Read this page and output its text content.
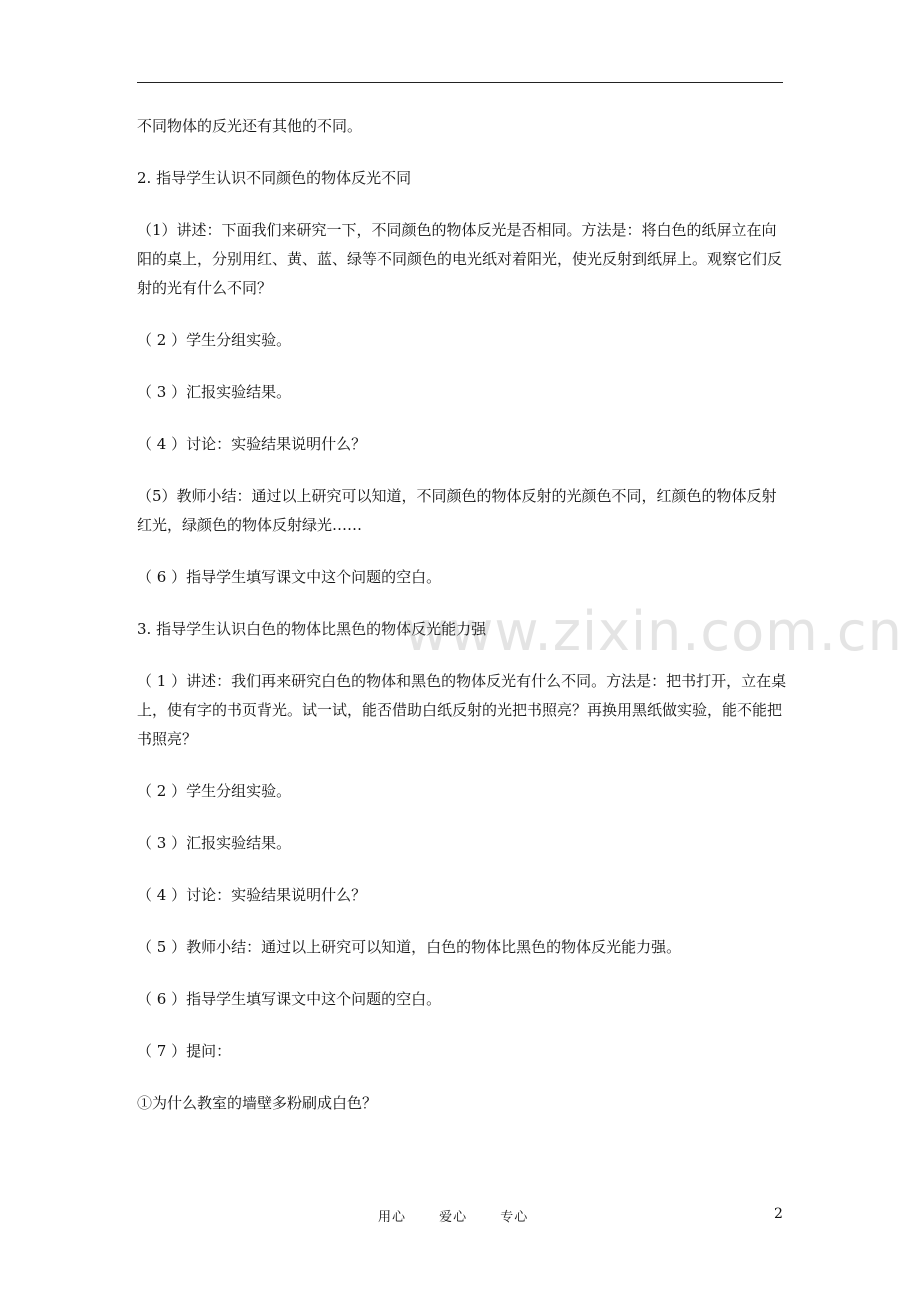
www.zixin.com.cn

不同物体的反光还有其他的不同。

2. 指导学生认识不同颜色的物体反光不同

（1）讲述：下面我们来研究一下，不同颜色的物体反光是否相同。方法是：将白色的纸屏立在向阳的桌上，分别用红、黄、蓝、绿等不同颜色的电光纸对着阳光，使光反射到纸屏上。观察它们反射的光有什么不同？

（ 2 ）学生分组实验。

（ 3 ）汇报实验结果。

（ 4 ）讨论：实验结果说明什么？

（5）教师小结：通过以上研究可以知道，不同颜色的物体反射的光颜色不同，红颜色的物体反射红光，绿颜色的物体反射绿光……

（ 6 ）指导学生填写课文中这个问题的空白。

3. 指导学生认识白色的物体比黑色的物体反光能力强

（ 1 ）讲述：我们再来研究白色的物体和黑色的物体反光有什么不同。方法是：把书打开，立在桌上，使有字的书页背光。试一试，能否借助白纸反射的光把书照亮？再换用黑纸做实验，能不能把书照亮？

（ 2 ）学生分组实验。

（ 3 ）汇报实验结果。

（ 4 ）讨论：实验结果说明什么？

（ 5 ）教师小结：通过以上研究可以知道，白色的物体比黑色的物体反光能力强。

（ 6 ）指导学生填写课文中这个问题的空白。

（ 7 ）提问：

①为什么教室的墙壁多粉刷成白色？

用心 爱心 专心	2
